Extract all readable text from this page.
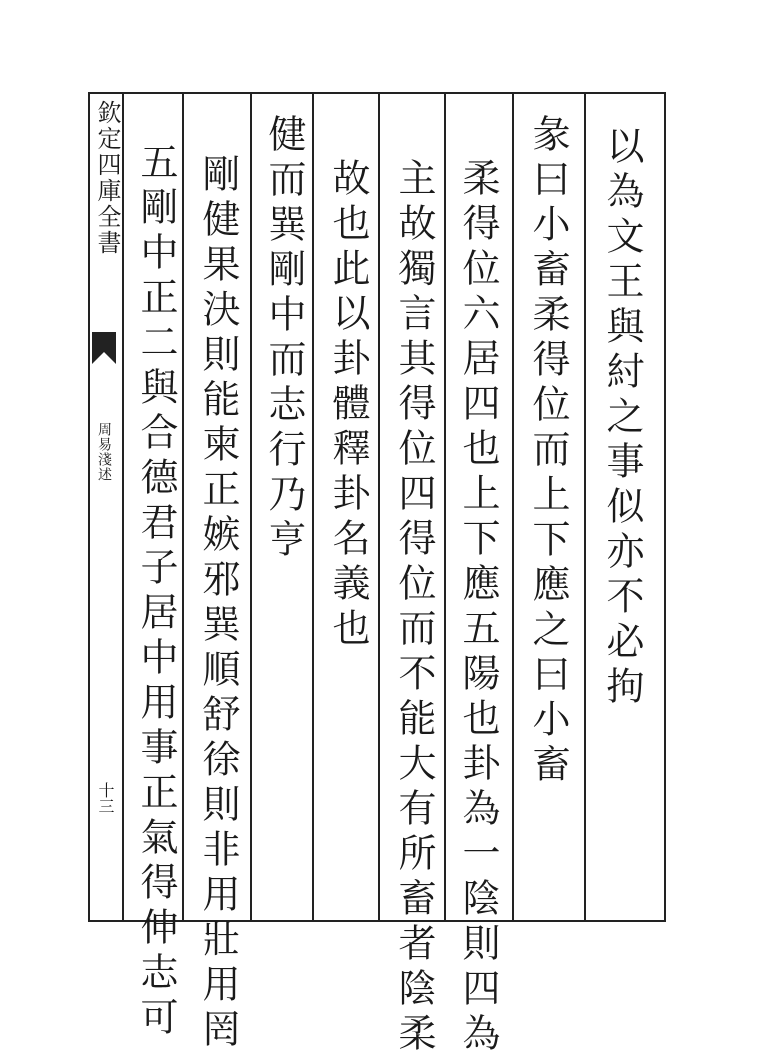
欽定四庫全書
周易淺述
十三
以為文王與紂之事似亦不必拘
彖曰小畜柔得位而上下應之曰小畜
柔得位六居四也上下應五陽也卦為一陰則四為
主故獨言其得位四得位而不能大有所畜者陰柔
故也此以卦體釋卦名義也
健而巽剛中而志行乃亨
剛健果決則能柬正嫉邪巽順舒徐則非用壯用罔
五剛中正二與合德君子居中用事正氣得伸志可
